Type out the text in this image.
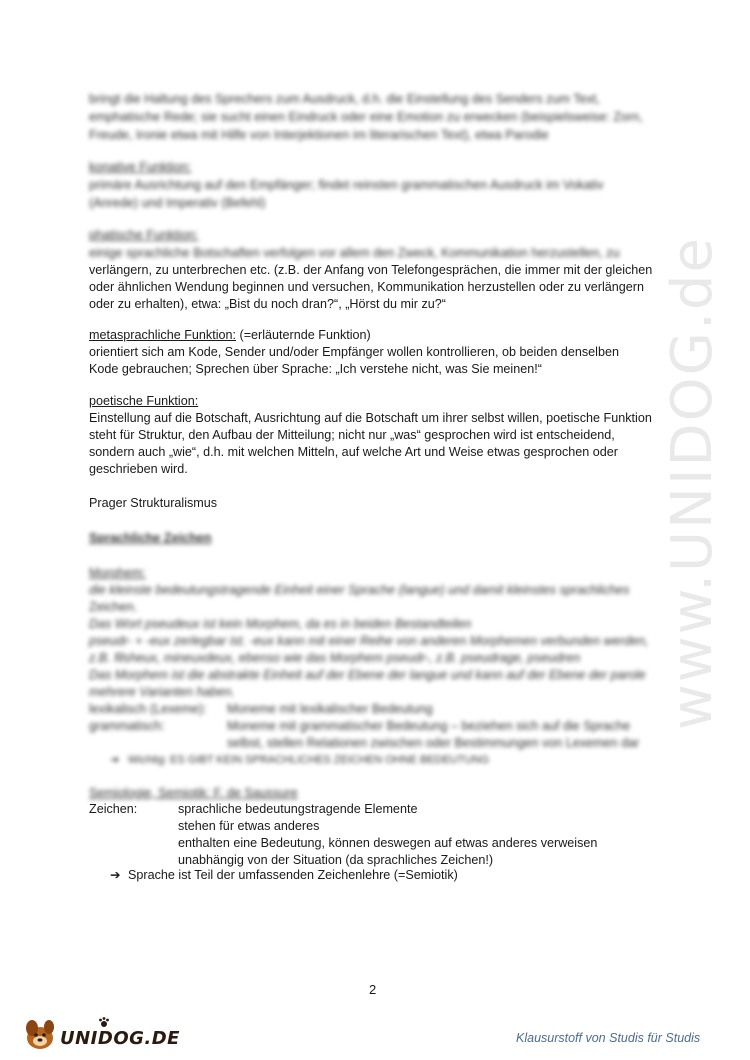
www.UNIDOG.de
bringt die Haltung des Sprechers zum Ausdruck, d.h. die Einstellung des Senders zum Text,
emphatische Rede; sie sucht einen Eindruck oder eine Emotion zu erwecken (beispielsweise: Zorn,
Freude, Ironie etwa mit Hilfe von Interjektionen im literarischen Text), etwa Parodie
konative Funktion:
primäre Ausrichtung auf den Empfänger; findet reinsten grammatischen Ausdruck im Vokativ
(Anrede) und Imperativ (Befehl)
phatische Funktion:
einige sprachliche Botschaften verfolgen vor allem den Zweck, Kommunikation herzustellen, zu
verlängern, zu unterbrechen etc. (z.B. der Anfang von Telefongesprächen, die immer mit der gleichen
oder ähnlichen Wendung beginnen und versuchen, Kommunikation herzustellen oder zu verlängern
oder zu erhalten), etwa: „Bist du noch dran?“, „Hörst du mir zu?“
metasprachliche Funktion: (=erläuternde Funktion)
orientiert sich am Kode, Sender und/oder Empfänger wollen kontrollieren, ob beiden denselben
Kode gebrauchen; Sprechen über Sprache: „Ich verstehe nicht, was Sie meinen!“
poetische Funktion:
Einstellung auf die Botschaft, Ausrichtung auf die Botschaft um ihrer selbst willen, poetische Funktion
steht für Struktur, den Aufbau der Mitteilung; nicht nur „was“ gesprochen wird ist entscheidend,
sondern auch „wie“, d.h. mit welchen Mitteln, auf welche Art und Weise etwas gesprochen oder
geschrieben wird.
Prager Strukturalismus
Sprachliche Zeichen
Morphem:
die kleinste bedeutungstragende Einheit einer Sprache (langue) und damit kleinstes sprachliches
Zeichen.
Das Wort pseudeux ist kein Morphem, da es in beiden Bestandteilen
pseudr- + -eux zerlegbar ist. -eux kann mit einer Reihe von anderen Morphemen verbunden werden,
z.B. filsheux, mineuxdeux, ebenso wie das Morphem pseudr-, z.B. pseudrage, pseudren
Das Morphem ist die abstrakte Einheit auf der Ebene der langue und kann auf der Ebene der parole
mehrere Varianten haben.
lexikalisch (Lexeme): Moneme mit lexikalischer Bedeutung
grammatisch:	Moneme mit grammatischer Bedeutung – beziehen sich auf die Sprache
selbst, stellen Relationen zwischen oder Bestimmungen von Lexemen dar
➔ Wichtig: ES GIBT KEIN SPRACHLICHES ZEICHEN OHNE BEDEUTUNG
Semiologie, Semiotik: F. de Saussure
Zeichen:	sprachliche bedeutungstragende Elemente
stehen für etwas anderes
enthalten eine Bedeutung, können deswegen auf etwas anderes verweisen
unabhängig von der Situation (da sprachliches Zeichen!)
➔ Sprache ist Teil der umfassenden Zeichenlehre (=Semiotik)
2
UNIDOG.DE	Klausurstoff von Studis für Studis
